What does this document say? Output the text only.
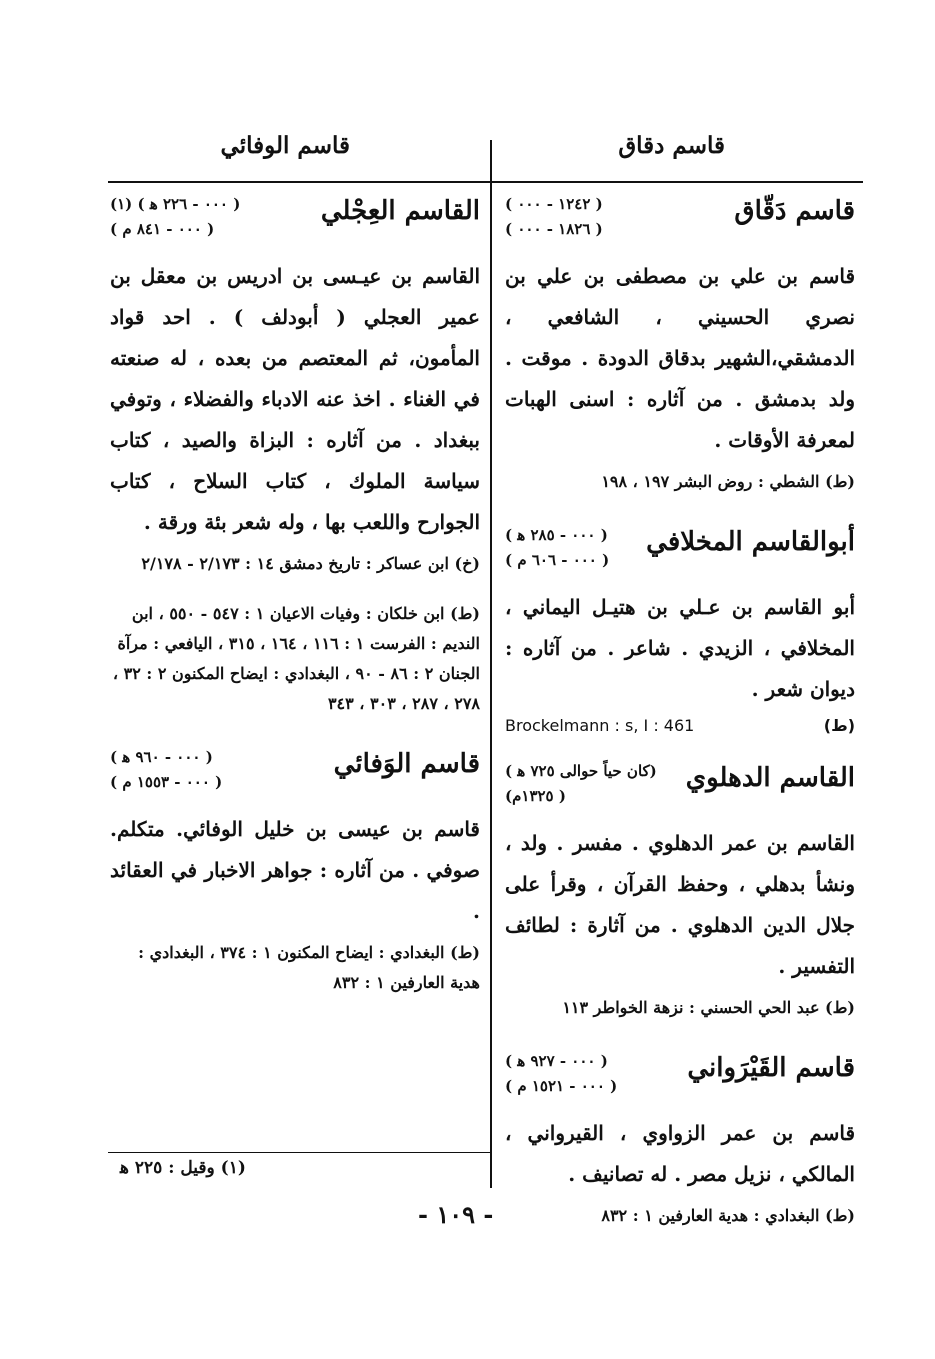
قاسم دقاق
قاسم الوفائي
قاسم دَقّاق
( ١٢٤٢ - ٠٠٠ )
( ١٨٢٦ - ٠٠٠ )
قاسم بن علي بن مصطفى بن علي بن نصري الحسيني ، الشافعي ، الدمشقي،الشهير بدقاق الدودة . موقت . ولد بدمشق . من آثاره : اسنى الهبات لمعرفة الأوقات .
(ط) الشطي : روض البشر ١٩٧ ، ١٩٨
أبوالقاسم المخلافي
( ٠٠٠ - ٢٨٥ ﻫ )
( ٠٠٠ - ٦٠٦ م )
أبو القاسم بن عـلي بن هتيـل اليماني ، المخلافي ، الزيدي . شاعر . من آثاره : ديوان شعر .
Brockelmann : s, I : 461	(ط)
القاسم الدهلوي
(كان حياً حوالى ٧٢٥ ﻫ )
( ١٣٢٥م)
القاسم بن عمر الدهلوي . مفسر . ولد ، ونشأ بدهلي ، وحفظ القرآن ، وقرأ على جلال الدين الدهلوي . من آثارة : لطائف التفسير .
(ط) عبد الحي الحسني : نزهة الخواطر ١١٣
قاسم القَيْرَواني
( ٠٠٠ - ٩٢٧ ﻫ )
( ٠٠٠ - ١٥٢١ م )
قاسم بن عمر الزواوي ، القيرواني ، المالكي ، نزيل مصر . له تصانيف .
(ط) البغدادي : هدية العارفين ١ : ٨٣٢
القاسم العِجْلي
( ٠٠٠ - ٢٢٦ ﻫ ) (١)
( ٠٠٠ - ٨٤١ م )
القاسم بن عيـسى بن ادريس بن معقل بن عمير العجلي ( أبودلف ) . احد قواد المأمون، ثم المعتصم من بعده ، له صنعته في الغناء . اخذ عنه الادباء والفضلاء ، وتوفي ببغداد . من آثاره : البزاة والصيد ، كتاب سياسة الملوك ، كتاب السلاح ، كتاب الجوارح واللعب بها ، وله شعر بئة ورقة .
(خ) ابن عساكر : تاريخ دمشق ١٤ : ٢/١٧٣ - ٢/١٧٨
(ط) ابن خلكان : وفيات الاعيان ١ : ٥٤٧ - ٥٥٠ ، ابن النديم : الفرست ١ : ١١٦ ، ١٦٤ ، ٣١٥ ، اليافعي : مرآة الجنان ٢ : ٨٦ - ٩٠ ، البغدادي : ايضاح المكنون ٢ : ٣٢ ، ٢٧٨ ، ٢٨٧ ، ٣٠٣ ، ٣٤٣
قاسم الوَفائي
( ٠٠٠ - ٩٦٠ ﻫ )
( ٠٠٠ - ١٥٥٣ م )
قاسم بن عيسى بن خليل الوفائي. متكلم. صوفي . من آثاره : جواهر الاخبار في العقائد .
(ط) البغدادي : ايضاح المكنون ١ : ٣٧٤ ، البغدادي : هدية العارفين ١ : ٨٣٢
(١) وقيل : ٢٢٥ ﻫ
- ١٠٩ -
